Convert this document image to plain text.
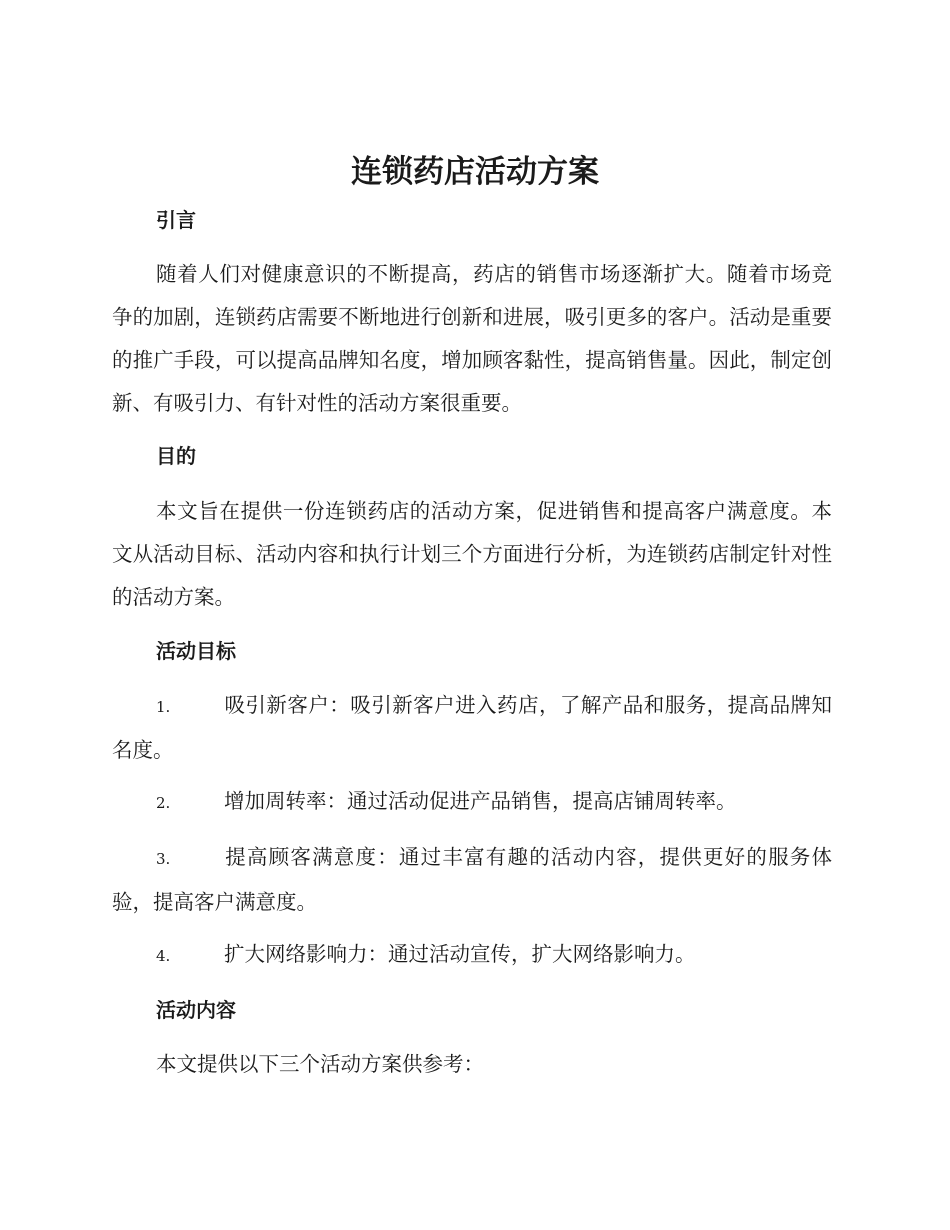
连锁药店活动方案
引言
随着人们对健康意识的不断提高，药店的销售市场逐渐扩大。随着市场竞争的加剧，连锁药店需要不断地进行创新和进展，吸引更多的客户。活动是重要的推广手段，可以提高品牌知名度，增加顾客黏性，提高销售量。因此，制定创新、有吸引力、有针对性的活动方案很重要。
目的
本文旨在提供一份连锁药店的活动方案，促进销售和提高客户满意度。本文从活动目标、活动内容和执行计划三个方面进行分析，为连锁药店制定针对性的活动方案。
活动目标
1.	吸引新客户：吸引新客户进入药店，了解产品和服务，提高品牌知名度。
2.	增加周转率：通过活动促进产品销售，提高店铺周转率。
3.	提高顾客满意度：通过丰富有趣的活动内容，提供更好的服务体验，提高客户满意度。
4.	扩大网络影响力：通过活动宣传，扩大网络影响力。
活动内容
本文提供以下三个活动方案供参考：
